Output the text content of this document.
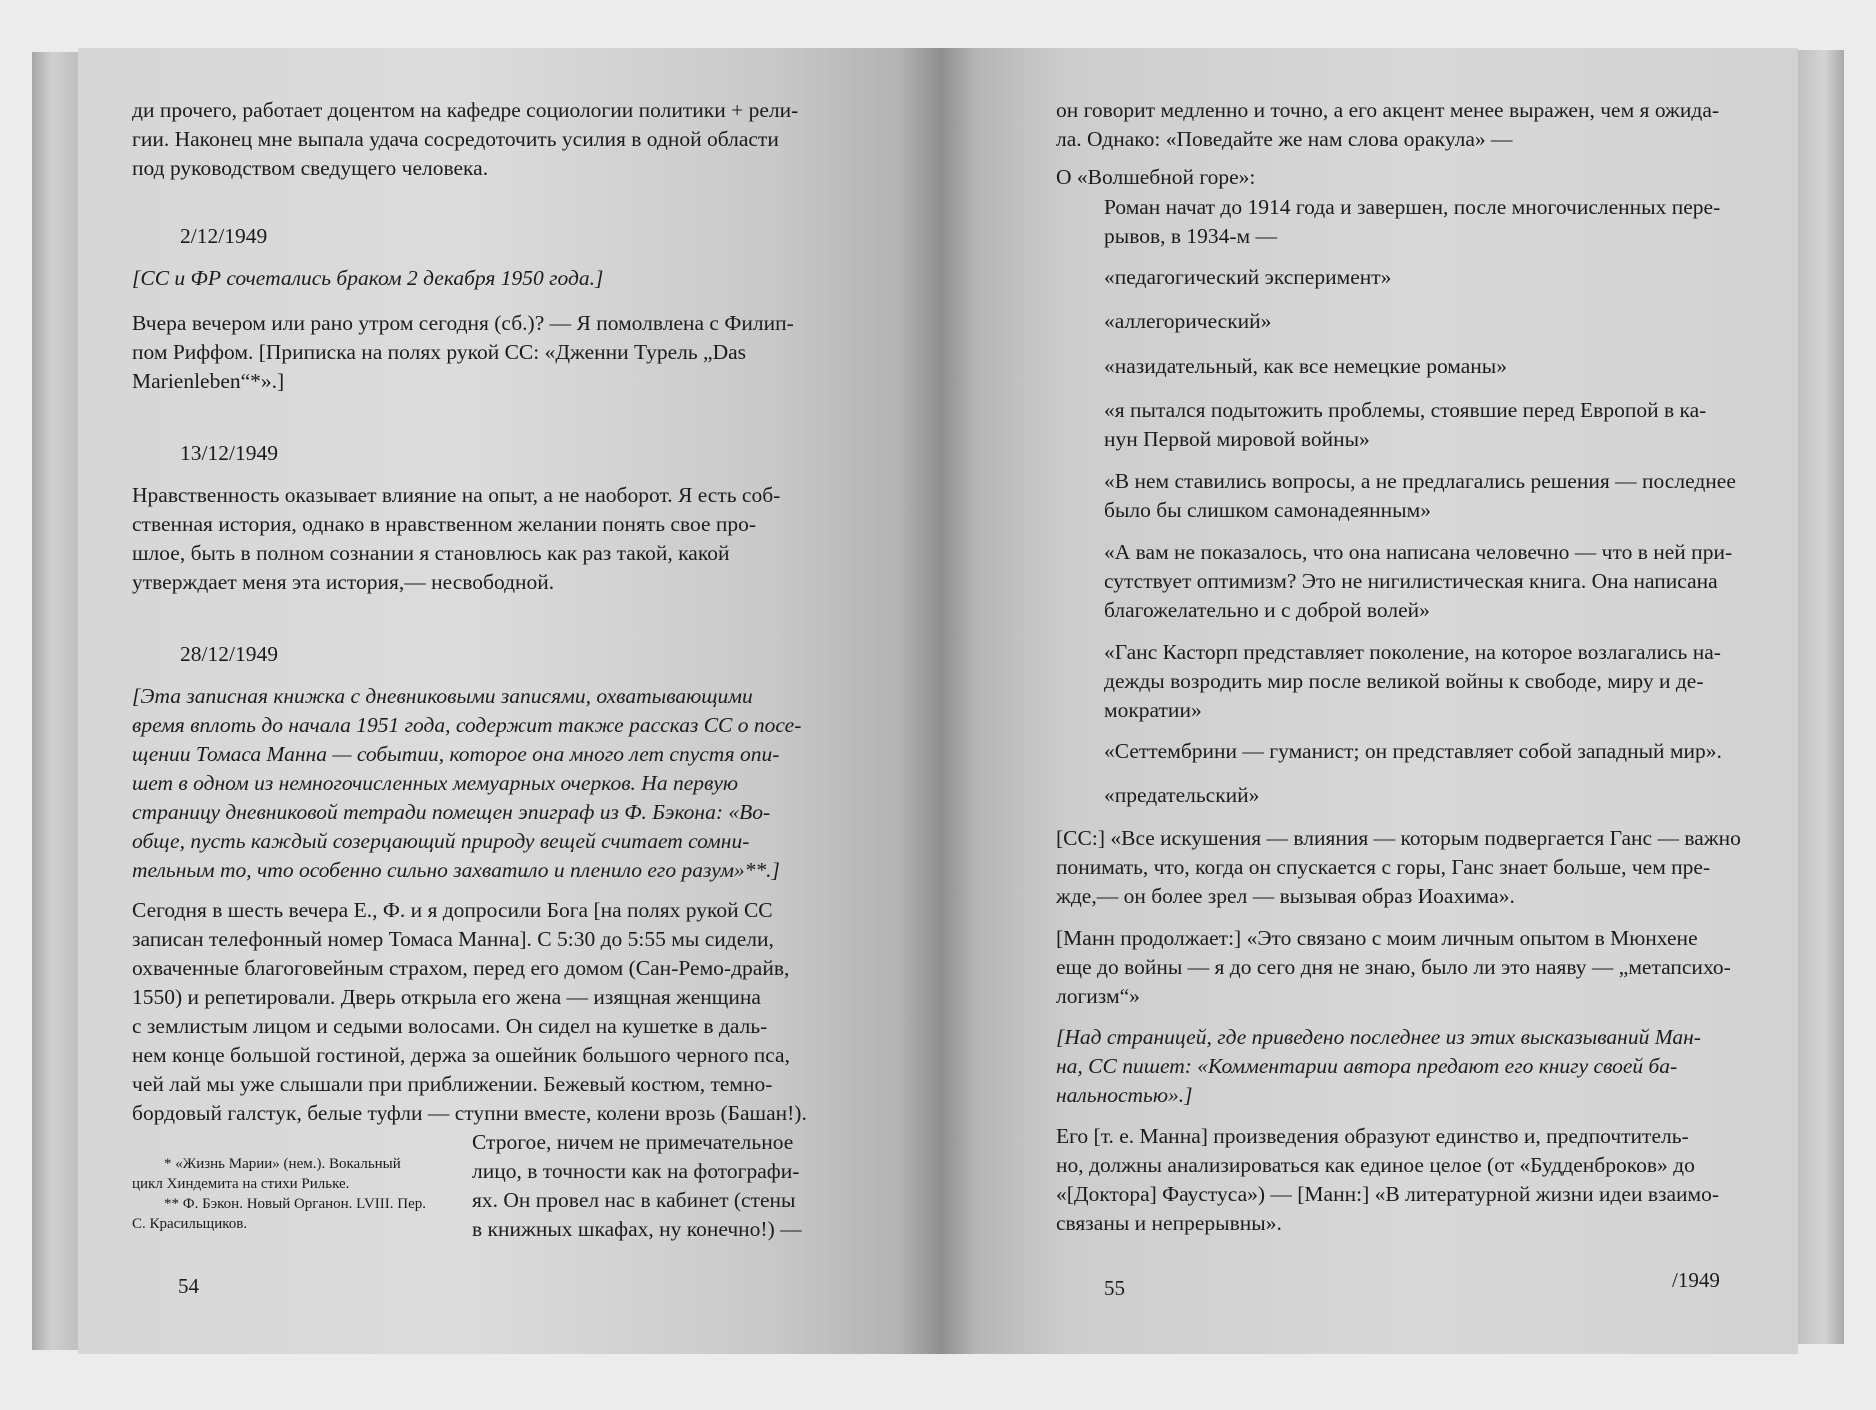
ди прочего, работает доцентом на кафедре социологии политики + рели-

гии. Наконец мне выпала удача сосредоточить усилия в одной области

под руководством сведущего человека.

2/12/1949
[СС и ФР сочетались браком 2 декабря 1950 года.]

Вчера вечером или рано утром сегодня (сб.)? — Я помолвлена с Филип-

пом Риффом. [Приписка на полях рукой СС: «Дженни Турель „Das

Marienleben“*».]

13/12/1949

Нравственность оказывает влияние на опыт, а не наоборот. Я есть соб-

ственная история, однако в нравственном желании понять свое про-

шлое, быть в полном сознании я становлюсь как раз такой, какой

утверждает меня эта история,— несвободной.

28/12/1949

[Эта записная книжка с дневниковыми записями, охватывающими

время вплоть до начала 1951 года, содержит также рассказ СС о посе-

щении Томаса Манна — событии, которое она много лет спустя опи-

шет в одном из немногочисленных мемуарных очерков. На первую

страницу дневниковой тетради помещен эпиграф из Ф. Бэкона: «Во-

обще, пусть каждый созерцающий природу вещей считает сомни-

тельным то, что особенно сильно захватило и пленило его разум»**.]

Сегодня в шесть вечера Е., Ф. и я допросили Бога [на полях рукой СС

записан телефонный номер Томаса Манна]. С 5:30 до 5:55 мы сидели,

охваченные благоговейным страхом, перед его домом (Сан-Ремо-драйв,

1550) и репетировали. Дверь открыла его жена — изящная женщина

с землистым лицом и седыми волосами. Он сидел на кушетке в даль-

нем конце большой гостиной, держа за ошейник большого черного пса,

чей лай мы уже слышали при приближении. Бежевый костюм, темно-

бордовый галстук, белые туфли — ступни вместе, колени врозь (Башан!).

* «Жизнь Марии» (нем.). Вокальный

цикл Хиндемита на стихи Рильке.

** Ф. Бэкон. Новый Органон. LVIII. Пер.

С. Красильщиков.

Строгое, ничем не примечательное

лицо, в точности как на фотографи-

ях. Он провел нас в кабинет (стены

в книжных шкафах, ну конечно!) —

54

он говорит медленно и точно, а его акцент менее выражен, чем я ожида-

ла. Однако: «Поведайте же нам слова оракула» —

О «Волшебной горе»:

Роман начат до 1914 года и завершен, после многочисленных пере-

рывов, в 1934-м —

«педагогический эксперимент»
«аллегорический»
«назидательный, как все немецкие романы»

«я пытался подытожить проблемы, стоявшие перед Европой в ка-

нун Первой мировой войны»

«В нем ставились вопросы, а не предлагались решения — последнее

было бы слишком самонадеянным»

«А вам не показалось, что она написана человечно — что в ней при-

сутствует оптимизм? Это не нигилистическая книга. Она написана

благожелательно и с доброй волей»

«Ганс Касторп представляет поколение, на которое возлагались на-

дежды возродить мир после великой войны к свободе, миру и де-

мократии»

«Сеттембрини — гуманист; он представляет собой западный мир».
«предательский»

[СС:] «Все искушения — влияния — которым подвергается Ганс — важно

понимать, что, когда он спускается с горы, Ганс знает больше, чем пре-

жде,— он более зрел — вызывая образ Иоахима».

[Манн продолжает:] «Это связано с моим личным опытом в Мюнхене

еще до войны — я до сего дня не знаю, было ли это наяву — „метапсихо-

логизм“»

[Над страницей, где приведено последнее из этих высказываний Ман-

на, СС пишет: «Комментарии автора предают его книгу своей ба-

нальностью».]

Его [т. е. Манна] произведения образуют единство и, предпочтитель-

но, должны анализироваться как единое целое (от «Будденброков» до

«[Доктора] Фаустуса») — [Манн:] «В литературной жизни идеи взаимо-

связаны и непрерывны».

55	/1949
